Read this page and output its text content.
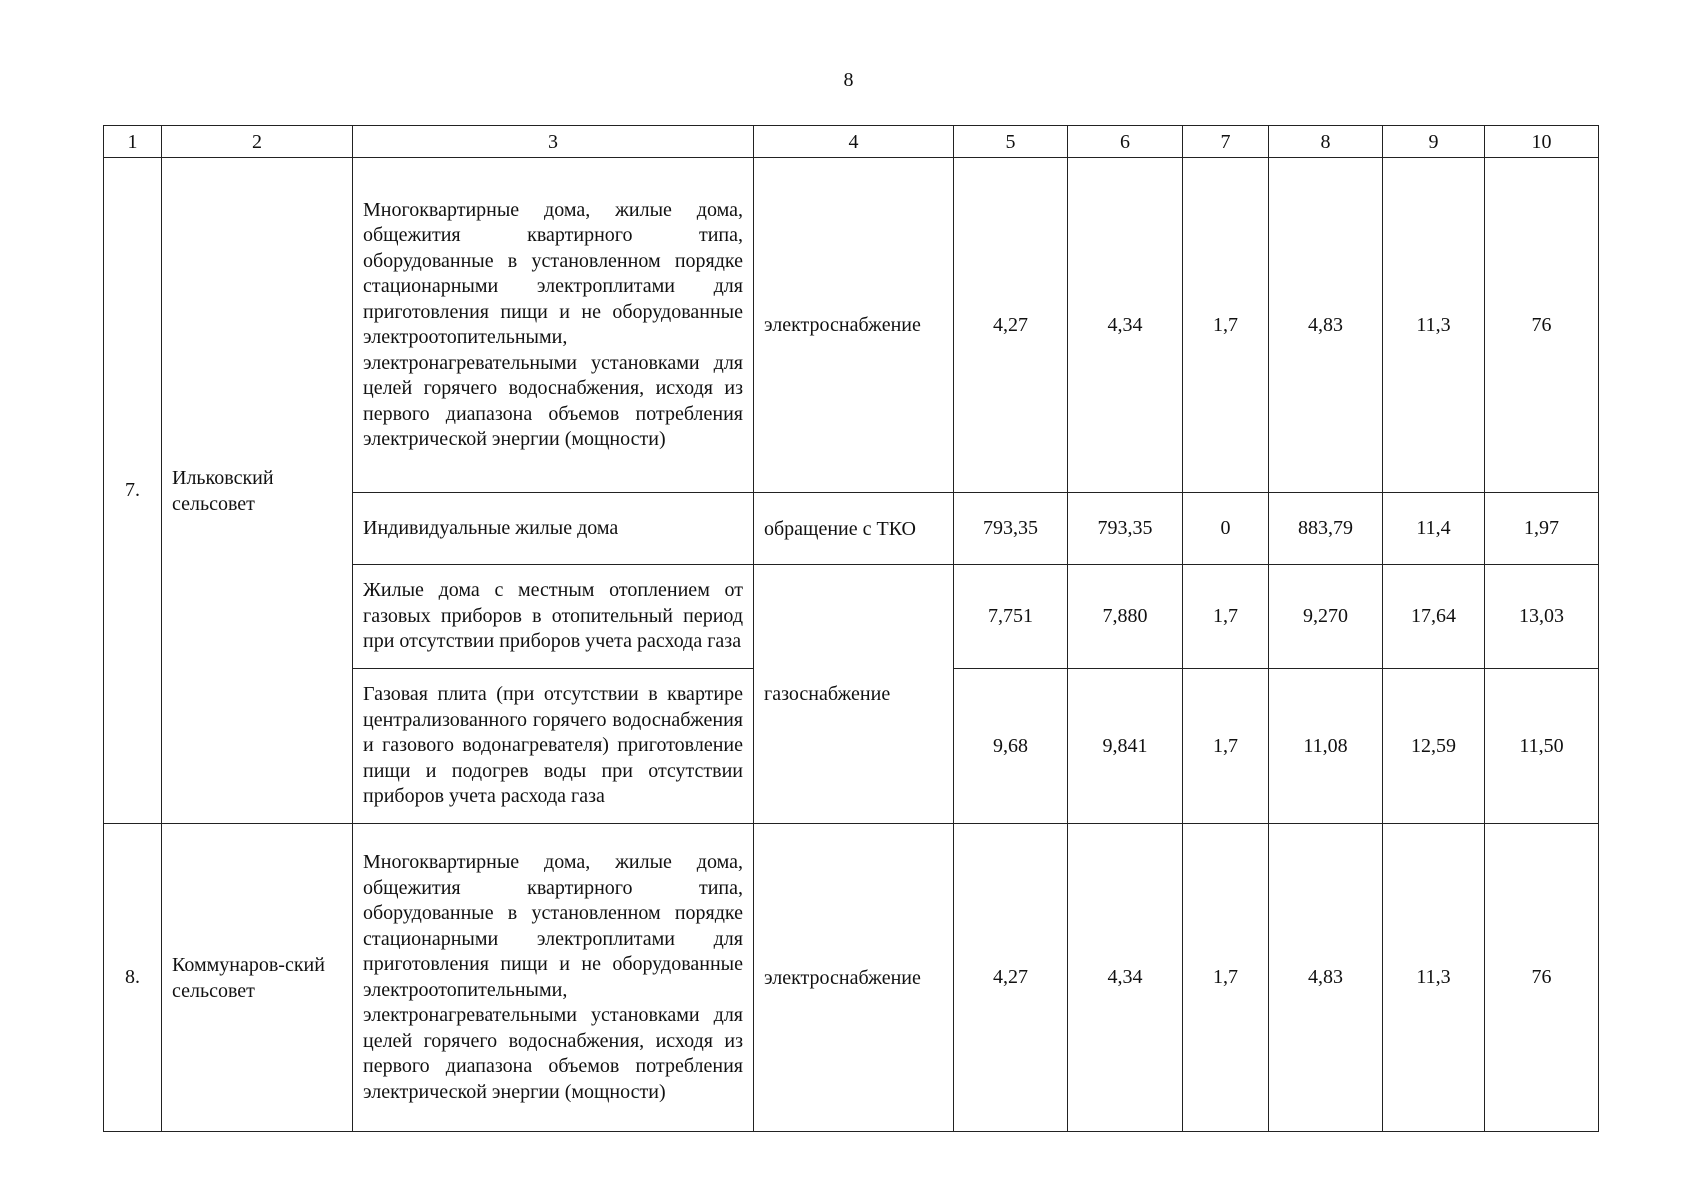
8
1	2	3	4	5	6	7	8	9	10
7.	Ильковский сельсовет	Многоквартирные дома, жилые дома, общежития квартирного типа, оборудованные в установленном порядке стационарными электроплитами для приготовления пищи и не оборудованные электроотопительными, электронагревательными установками для целей горячего водоснабжения, исходя из первого диапазона объемов потребления электрической энергии (мощности)	электроснабжение	4,27	4,34	1,7	4,83	11,3	76

		Индивидуальные жилые дома	обращение с ТКО	793,35	793,35	0	883,79	11,4	1,97

		Жилые дома с местным отоплением от газовых приборов в отопительный период при отсутствии приборов учета расхода газа	газоснабжение	7,751	7,880	1,7	9,270	17,64	13,03

		Газовая плита (при отсутствии в квартире централизованного горячего водоснабжения и газового водонагревателя) приготовление пищи и подогрев воды при отсутствии приборов учета расхода газа		9,68	9,841	1,7	11,08	12,59	11,50
8.	Коммунаров-ский сельсовет	Многоквартирные дома, жилые дома, общежития квартирного типа, оборудованные в установленном порядке стационарными электроплитами для приготовления пищи и не оборудованные электроотопительными, электронагревательными установками для целей горячего водоснабжения, исходя из первого диапазона объемов потребления электрической энергии (мощности)	электроснабжение	4,27	4,34	1,7	4,83	11,3	76
